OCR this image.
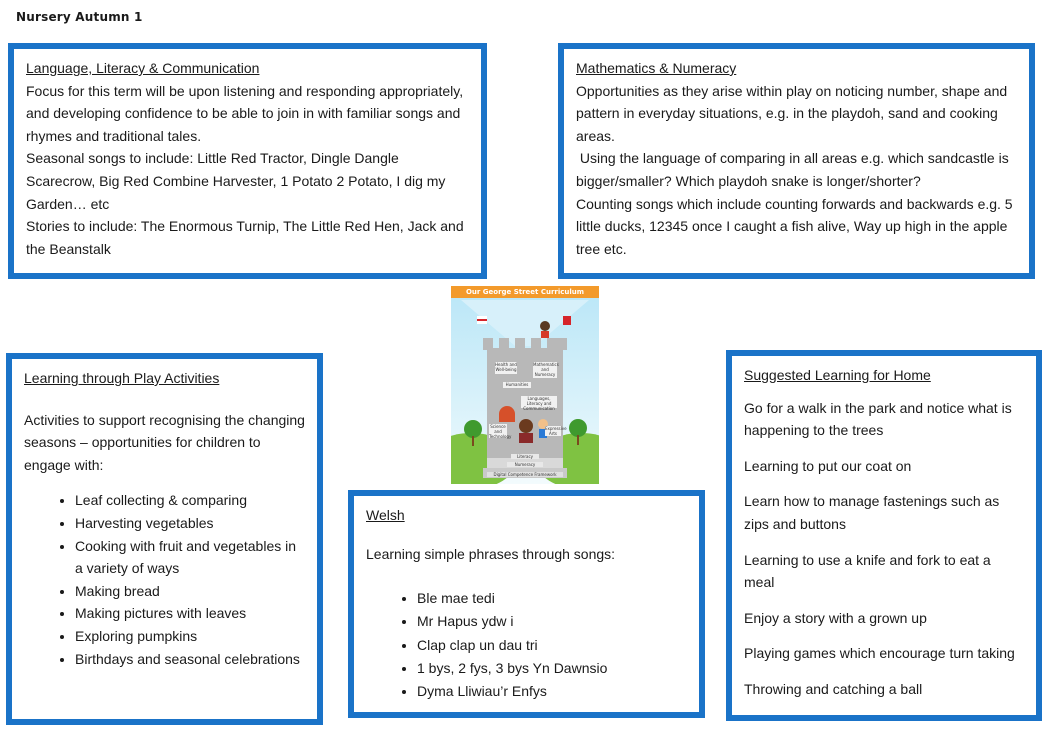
Nursery Autumn 1

Language, Literacy & Communication

Focus for this term will be upon listening and responding appropriately, and developing confidence to be able to join in with familiar songs and rhymes and traditional tales.

Seasonal songs to include: Little Red Tractor, Dingle Dangle Scarecrow, Big Red Combine Harvester, 1 Potato 2 Potato, I dig my Garden… etc

Stories to include: The Enormous Turnip, The Little Red Hen, Jack and the Beanstalk

Mathematics & Numeracy

Opportunities as they arise within play on noticing number, shape and pattern in everyday situations, e.g. in the playdoh, sand and cooking areas.

Using the language of comparing in all areas e.g. which sandcastle is bigger/smaller? Which playdoh snake is longer/shorter?

Counting songs which include counting forwards and backwards e.g. 5 little ducks, 12345 once I caught a fish alive, Way up high in the apple tree etc.

Our George Street Curriculum
Health and Well-being
Mathematics and Numeracy
Humanities
Languages, Literacy and Communication
Science and Technology
Expressive Arts
Literacy
Numeracy
Digital Competence Framework

Learning through Play Activities

Activities to support recognising the changing seasons – opportunities for children to engage with:

• Leaf collecting & comparing
• Harvesting vegetables
• Cooking with fruit and vegetables in a variety of ways
• Making bread
• Making pictures with leaves
• Exploring pumpkins
• Birthdays and seasonal celebrations

Welsh

Learning simple phrases through songs:

• Ble mae tedi
• Mr Hapus ydw i
• Clap clap un dau tri
• 1 bys, 2 fys, 3 bys Yn Dawnsio
• Dyma Lliwiau’r Enfys

Suggested Learning for Home

Go for a walk in the park and notice what is happening to the trees

Learning to put our coat on

Learn how to manage fastenings such as zips and buttons

Learning to use a knife and fork to eat a meal

Enjoy a story with a grown up

Playing games which encourage turn taking

Throwing and catching a ball
